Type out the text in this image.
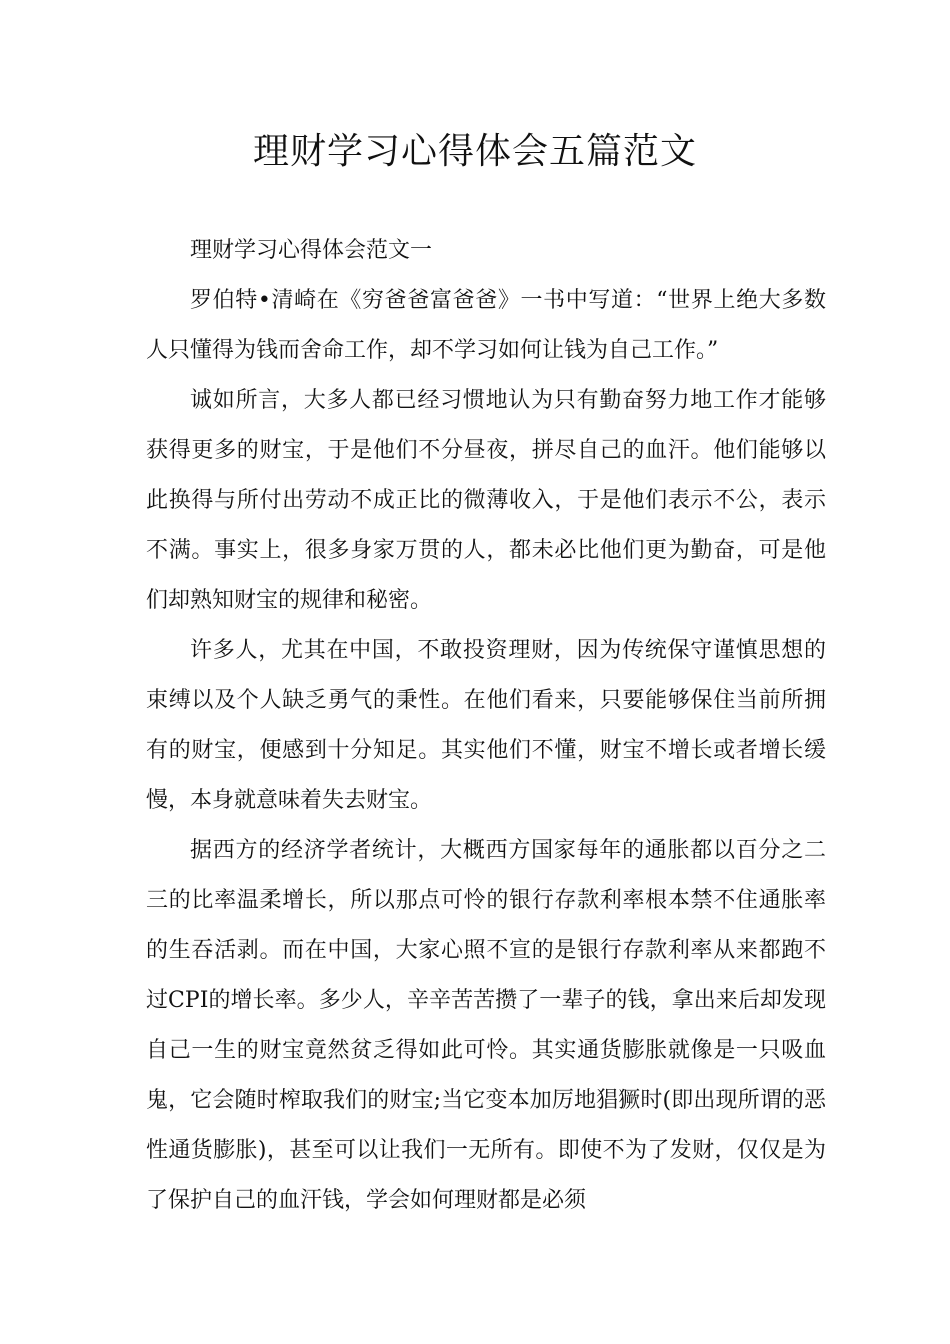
理财学习心得体会五篇范文

理财学习心得体会范文一

罗伯特•清崎在《穷爸爸富爸爸》一书中写道：“世界上绝大多数人只懂得为钱而舍命工作，却不学习如何让钱为自己工作。”

诚如所言，大多人都已经习惯地认为只有勤奋努力地工作才能够获得更多的财宝，于是他们不分昼夜，拼尽自己的血汗。他们能够以此换得与所付出劳动不成正比的微薄收入，于是他们表示不公，表示不满。事实上，很多身家万贯的人，都未必比他们更为勤奋，可是他们却熟知财宝的规律和秘密。

许多人，尤其在中国，不敢投资理财，因为传统保守谨慎思想的束缚以及个人缺乏勇气的秉性。在他们看来，只要能够保住当前所拥有的财宝，便感到十分知足。其实他们不懂，财宝不增长或者增长缓慢，本身就意味着失去财宝。

据西方的经济学者统计，大概西方国家每年的通胀都以百分之二三的比率温柔增长，所以那点可怜的银行存款利率根本禁不住通胀率的生吞活剥。而在中国，大家心照不宣的是银行存款利率从来都跑不过CPI的增长率。多少人，辛辛苦苦攒了一辈子的钱，拿出来后却发现自己一生的财宝竟然贫乏得如此可怜。其实通货膨胀就像是一只吸血鬼，它会随时榨取我们的财宝;当它变本加厉地猖獗时(即出现所谓的恶性通货膨胀)，甚至可以让我们一无所有。即使不为了发财，仅仅是为了保护自己的血汗钱，学会如何理财都是必须
